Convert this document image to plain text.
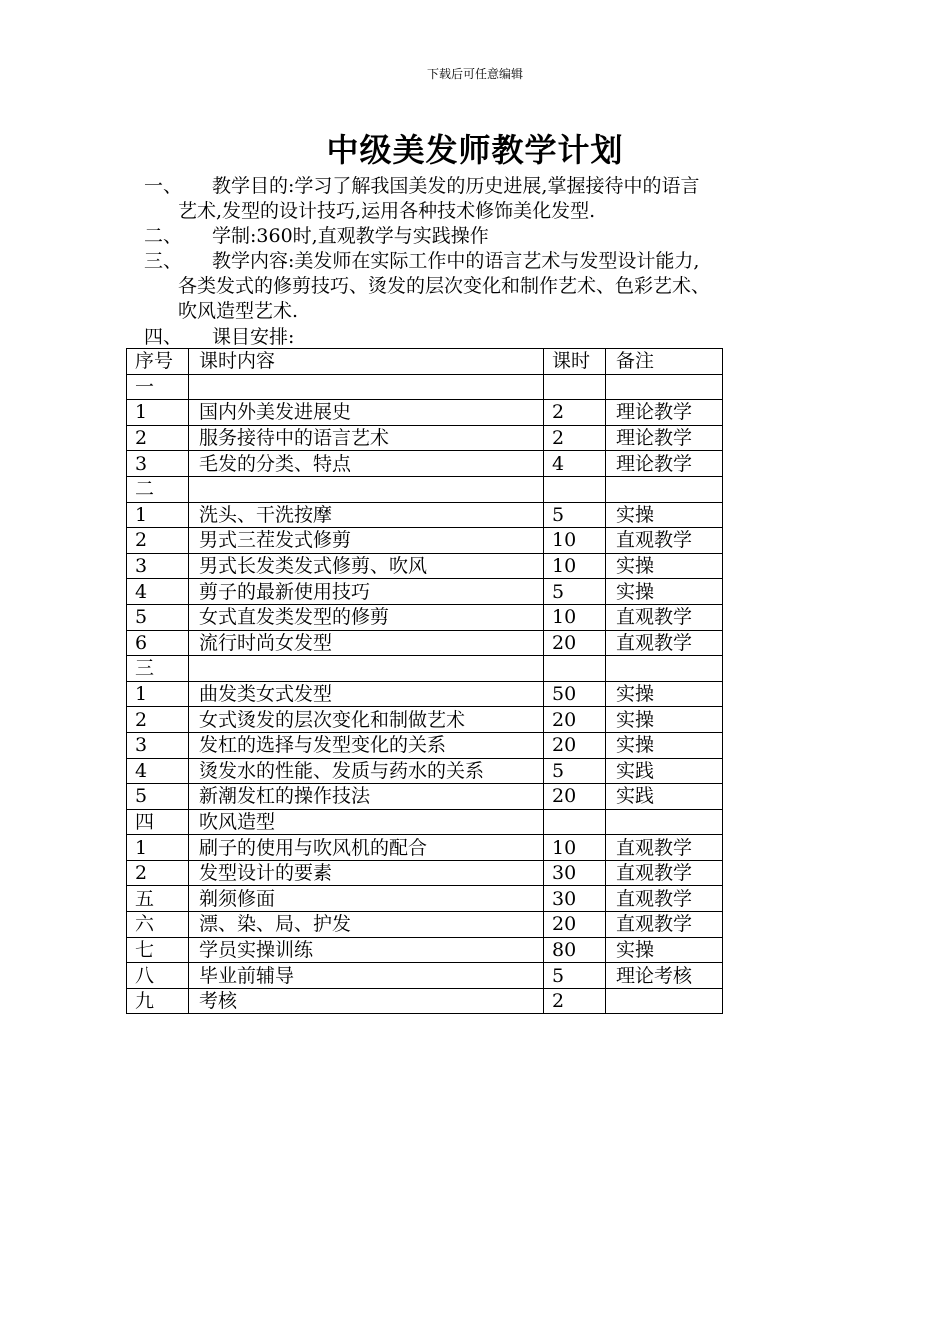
下载后可任意编辑
中级美发师教学计划
一、	教学目的:学习了解我国美发的历史进展,掌握接待中的语言
艺术,发型的设计技巧,运用各种技术修饰美化发型.
二、	学制:360时,直观教学与实践操作
三、	教学内容:美发师在实际工作中的语言艺术与发型设计能力,
各类发式的修剪技巧、烫发的层次变化和制作艺术、色彩艺术、
吹风造型艺术.
四、	课目安排:
序号	课时内容	课时	备注
一			
1	国内外美发进展史	2	理论教学
2	服务接待中的语言艺术	2	理论教学
3	毛发的分类、特点	4	理论教学
二			
1	洗头、干洗按摩	5	实操
2	男式三茬发式修剪	10	直观教学
3	男式长发类发式修剪、吹风	10	实操
4	剪子的最新使用技巧	5	实操
5	女式直发类发型的修剪	10	直观教学
6	流行时尚女发型	20	直观教学
三			
1	曲发类女式发型	50	实操
2	女式烫发的层次变化和制做艺术	20	实操
3	发杠的选择与发型变化的关系	20	实操
4	烫发水的性能、发质与药水的关系	5	实践
5	新潮发杠的操作技法	20	实践
四	吹风造型		
1	刷子的使用与吹风机的配合	10	直观教学
2	发型设计的要素	30	直观教学
五	剃须修面	30	直观教学
六	漂、染、局、护发	20	直观教学
七	学员实操训练	80	实操
八	毕业前辅导	5	理论考核
九	考核	2	
